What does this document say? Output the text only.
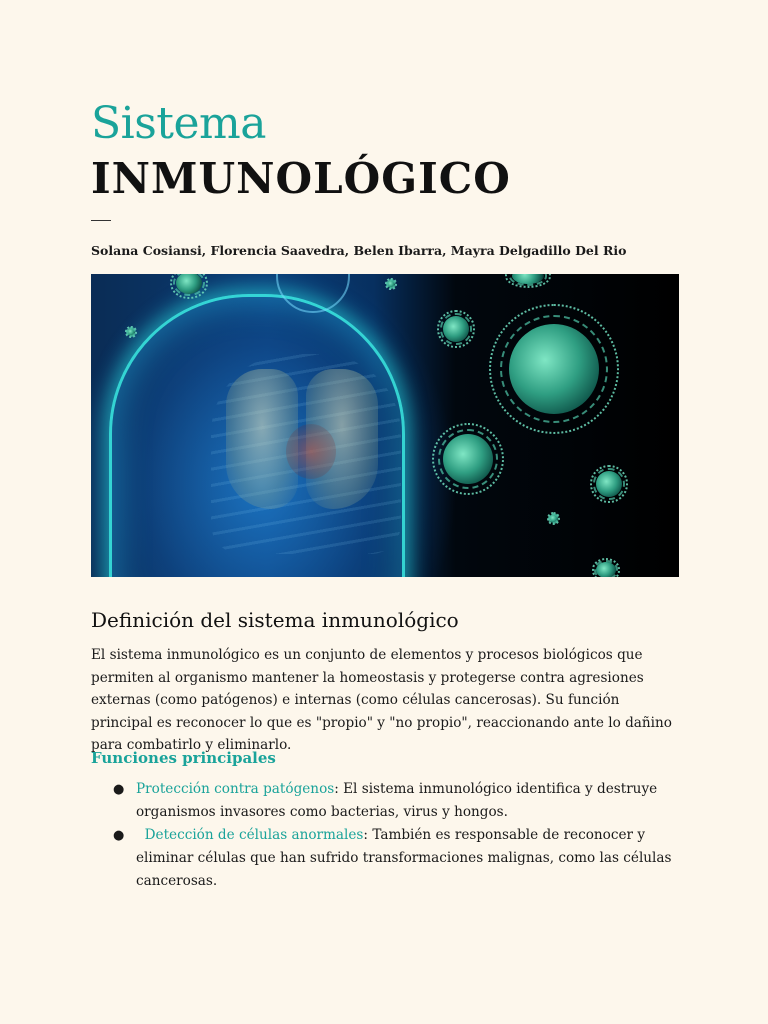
Sistema
INMUNOLÓGICO
Solana Cosiansi, Florencia Saavedra, Belen Ibarra, Mayra Delgadillo Del Rio
Definición del sistema inmunológico
El sistema inmunológico es un conjunto de elementos y procesos biológicos que permiten al organismo mantener la homeostasis y protegerse contra agresiones externas (como patógenos) e internas (como células cancerosas). Su función principal es reconocer lo que es "propio" y "no propio", reaccionando ante lo dañino para combatirlo y eliminarlo.
Funciones principales
● Protección contra patógenos: El sistema inmunológico identifica y destruye organismos invasores como bacterias, virus y hongos.
● Detección de células anormales: También es responsable de reconocer y eliminar células que han sufrido transformaciones malignas, como las células cancerosas.
